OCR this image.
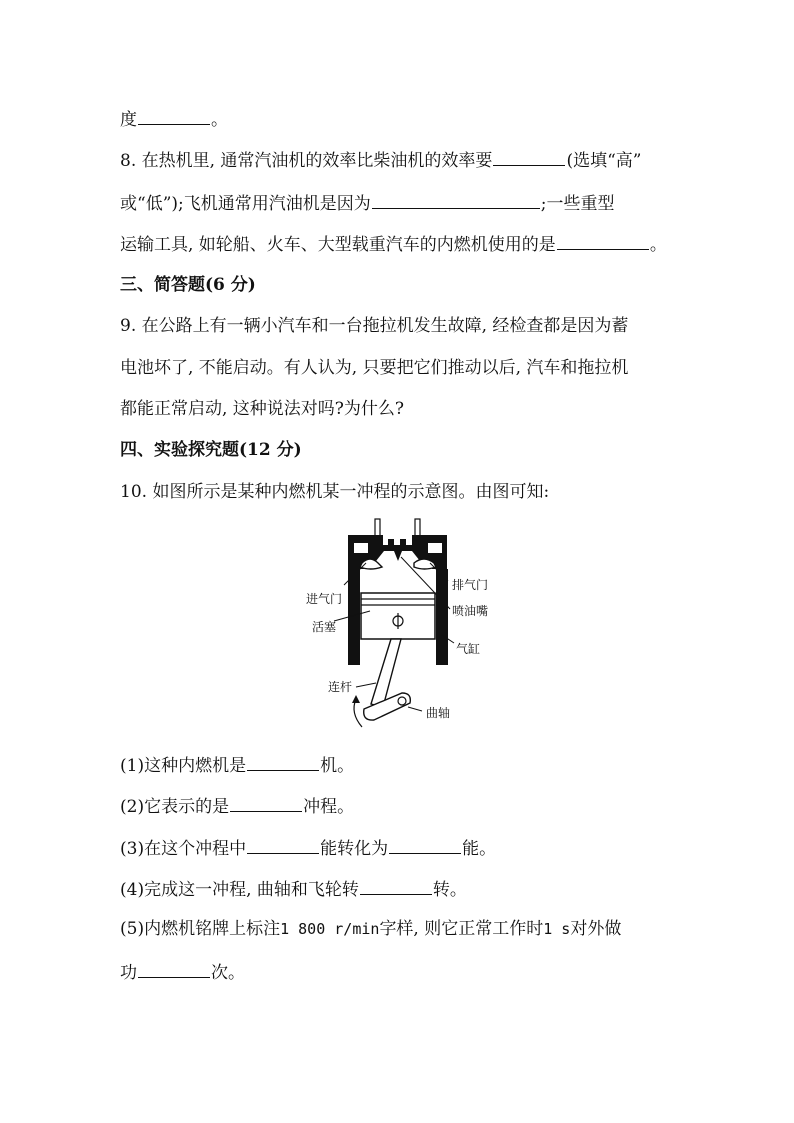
度	。
8. 在热机里, 通常汽油机的效率比柴油机的效率要	(选填“高”
或“低”);飞机通常用汽油机是因为	;一些重型
运输工具, 如轮船、火车、大型载重汽车的内燃机使用的是	。
三、简答题(6 分)
9. 在公路上有一辆小汽车和一台拖拉机发生故障, 经检查都是因为蓄
电池坏了, 不能启动。有人认为, 只要把它们推动以后, 汽车和拖拉机
都能正常启动, 这种说法对吗?为什么?
四、实验探究题(12 分)
10. 如图所示是某种内燃机某一冲程的示意图。由图可知:
进气门
活塞
排气门
喷油嘴
气缸
连杆
曲轴
(1)这种内燃机是	机。
(2)它表示的是	冲程。
(3)在这个冲程中	能转化为	能。
(4)完成这一冲程, 曲轴和飞轮转	转。
(5)内燃机铭牌上标注1 800 r/min字样, 则它正常工作时1 s对外做
功	次。
